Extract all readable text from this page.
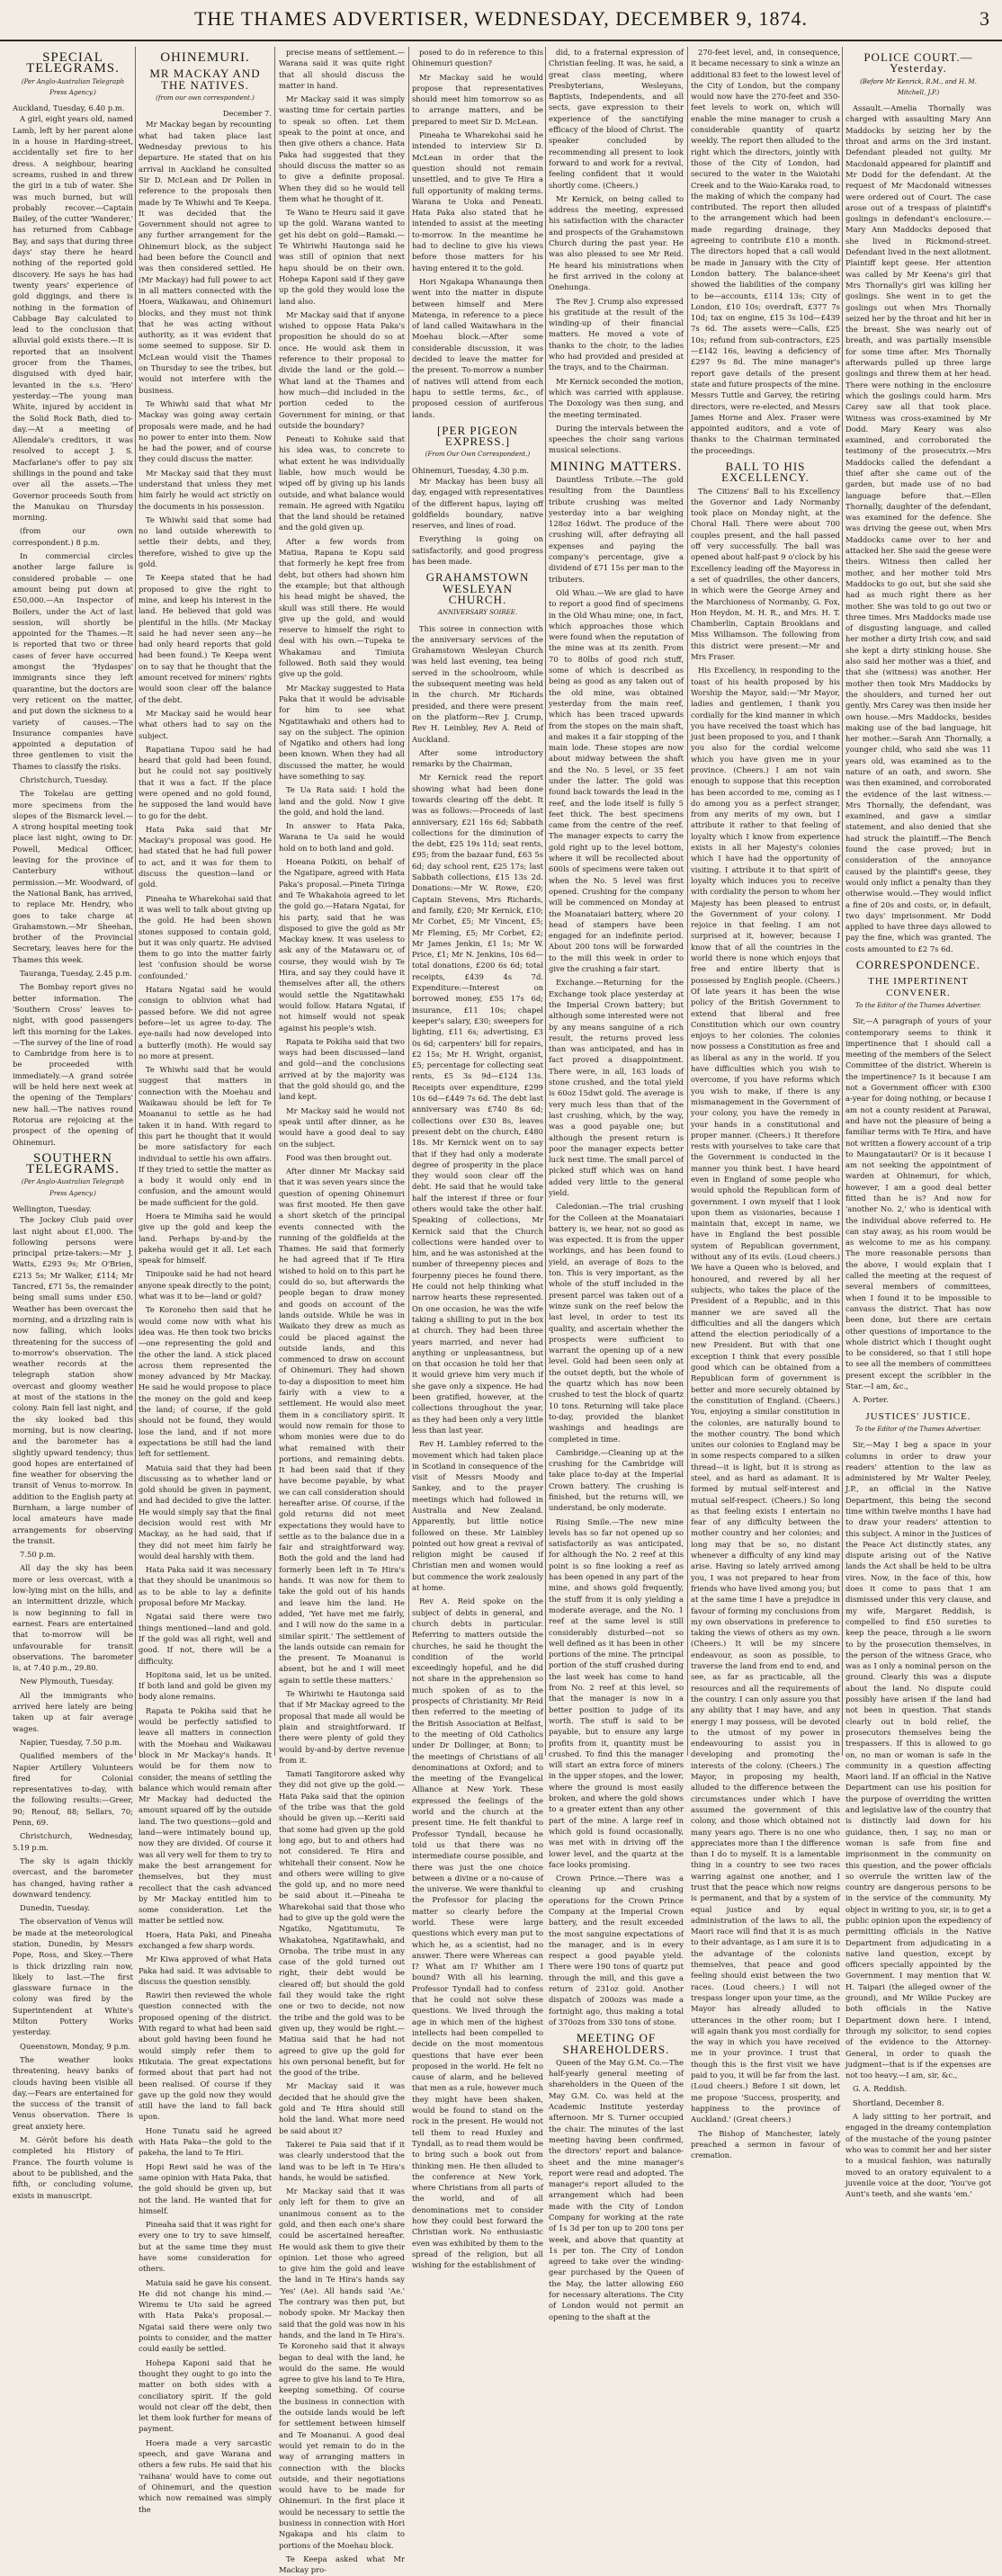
THE THAMES ADVERTISER, WEDNESDAY, DECEMBER 9, 1874.	3
SPECIAL TELEGRAMS.
(Per Anglo-Australian Telegraph Press Agency.)
Auckland, Tuesday, 6.40 p.m.

A girl, eight years old, named Lamb, left by her parent alone in a house in Harding-street, accidentally set fire to her dress. A neighbour, hearing screams, rushed in and threw the girl in a tub of water. She was much burned, but will probably recover.—Captain Bailey, of the cutter 'Wanderer,' has returned from Cabbage Bay, and says that during three days' stay there he heard nothing of the reported gold discovery. He says he has had twenty years' experience of gold diggings, and there is nothing in the formation of Cabbage Bay calculated to lead to the conclusion that alluvial gold exists there.—It is reported that an insolvent grocer from the Thames, disguised with dyed hair, levanted in the s.s. 'Hero' yesterday.—The young man White, injured by accident in the Solid Rock Bath, died to-day.—At a meeting of Allendale's creditors, it was resolved to accept J. S. Macfarlane's offer to pay six shillings in the pound and take over all the assets.—The Governor proceeds South from the Manukau on Thursday morning.

(from our own correspondent.) 8 p.m.

In commercial circles another large failure is considered probable — one amount being put down at £50,000.—An Inspector of Boilers, under the Act of last session, will shortly be appointed for the Thames.—It is reported that two or three cases of fever have occurred amongst the 'Hydaspes' immigrants since they left quarantine, but the doctors are very reticent on the matter, and put down the sickness to a variety of causes.—The Insurance companies have appointed a deputation of three gentlemen to visit the Thames to classify the risks.

Christchurch, Tuesday.

The Tokelau are getting more specimens from the slopes of the Bismarck level.—A strong hospital meeting took place last night, owing to Dr. Powell, Medical Officer, leaving for the province of Canterbury without permission.—Mr. Woodward, of the National Bank, has arrived, to replace Mr. Hendry, who goes to take charge at Grahamstown.—Mr Sheehan, brother of the Provincial Secretary, leaves here for the Thames this week.

Tauranga, Tuesday, 2.45 p.m.

The Bombay report gives no better information. The 'Southern Cross' leaves to-night, with good passengers left this morning for the Lakes.—The survey of the line of road to Cambridge from here is to be proceeded with immediately.—A grand soirée will be held here next week at the opening of the Templars' new hall.—The natives round Rotorua are rejoicing at the prospect of the opening of Ohinemuri.

SOUTHERN TELEGRAMS.
(Per Anglo-Australian Telegraph Press Agency.)
Wellington, Tuesday.

The Jockey Club paid over last night about £1,000. The following persons were principal prize-takers:—Mr J. Watts, £293 9s; Mr O'Brien, £213 5s; Mr Walker, £114; Mr Tancred, £71 5s, the remainder being small sums under £50. Weather has been overcast the morning, and a drizzling rain is now falling, which looks threatening for the success of to-morrow's observation. The weather records at the telegraph station show overcast and gloomy weather at most of the stations in the colony. Rain fell last night, and the sky looked bad this morning, but is now clearing, and the barometer has a slightly upward tendency; thus good hopes are entertained of fine weather for observing the transit of Venus to-morrow. In addition to the English party at Burnham, a large number of local amateurs have made arrangements for observing the transit.

7.50 p.m.

All day the sky has been more or less overcast, with a low-lying mist on the hills, and an intermittent drizzle, which is now beginning to fall in earnest. Fears are entertained that to-morrow will be unfavourable for transit observations. The barometer is, at 7.40 p.m., 29.80.

New Plymouth, Tuesday.

All the immigrants who arrived here lately are being taken up at fair average wages.

Napier, Tuesday, 7.50 p.m.

Qualified members of the Napier Artillery Volunteers fired for Colonial representatives to-day, with the following results:—Greer, 90; Renouf, 88; Sellars, 70; Penn, 69.

Christchurch, Wednesday, 5.19 p.m.

The sky is again thickly overcast, and the barometer has changed, having rather a downward tendency.

Dunedin, Tuesday.

The observation of Venus will be made at the meteorological station, Dunedin, by Messrs Pope, Ross, and Skey.—There is thick drizzling rain now, likely to last.—The first glassware furnace in the colony was fired by the Superintendent at White's Milton Pottery Works yesterday.

Queenstown, Monday, 9 p.m.

The weather looks threatening, heavy banks of clouds having been visible all day.—Fears are entertained for the success of the transit of Venus observation. There is great anxiety here.

M. Gérôt before his death completed his History of France. The fourth volume is about to be published, and the fifth, or concluding volume, exists in manuscript.

OHINEMURI.
MR MACKAY AND THE NATIVES.
(from our own correspondent.)
December 7.

Mr Mackay began by recounting what had taken place last Wednesday previous to his departure. He stated that on his arrival in Auckland he consulted Sir D. McLean and Dr Pollen in reference to the proposals then made by Te Whiwhi and Te Keepa. It was decided that the Government should not agree to any further arrangement for the Ohinemuri block, as the subject had been before the Council and was then considered settled. He (Mr Mackay) had full power to act in all matters connected with the Hoera, Waikawau, and Ohinemuri blocks, and they must not think that he was acting without authority, as it was evident that some seemed to suppose. Sir D. McLean would visit the Thames on Thursday to see the tribes, but would not interfere with the business.

Te Whiwhi said that what Mr Mackay was going away certain proposals were made, and he had no power to enter into them. Now he had the power, and of course they could discuss the matter.

Mr Mackay said that they must understand that unless they met him fairly he would act strictly on the documents in his possession.

Te Whiwhi said that some had no land outside wherewith to settle their debts, and they, therefore, wished to give up the gold.

Te Keepa stated that he had proposed to give the right to mine, and keep his interest in the land. He believed that gold was plentiful in the hills. (Mr Mackay said he had never seen any—he had only heard reports that gold had been found.) Te Keepa went on to say that he thought that the amount received for miners' rights would soon clear off the balance of the debt.

Mr Mackay said he would hear what others had to say on the subject.

Rapatiana Tupou said he had heard that gold had been found, but he could not say positively that it was a fact. If the place were opened and no gold found, he supposed the land would have to go for the debt.

Hata Paka said that Mr Mackay's proposal was good. He had stated that he had full power to act, and it was for them to discuss the question—land or gold.

Pineaha te Wharekohai said that it was well to talk about giving up the gold. He had been shown stones supposed to contain gold, but it was only quartz. He advised them to go into the matter fairly lest 'confusion should be worse confounded.'

Hatara Ngatai said he would consign to oblivion what had passed before. We did not agree before—let us agree to-day. The eye-nails had now developed into a butterfly (moth). He would say no more at present.

Te Whiwhi said that he would suggest that matters in connection with the Moehau and Waikawau should be left for Te Moananui to settle as he had taken it in hand. With regard to this part he thought that it would be more satisfactory for each individual to settle his own affairs. If they tried to settle the matter as a body it would only end in confusion, and the amount would be made sufficient for the gold.

Hoera te Mimiha said he would give up the gold and keep the land. Perhaps by-and-by the pakeha would get it all. Let each speak for himself.

Tinipouke said he had not heard anyone speak directly to the point; what was it to be—land or gold?

Te Koroneho then said that he would come now with what his idea was. He then took two bricks—one representing the gold and the other the land. A stick placed across them represented the money advanced by Mr Mackay. He said he would propose to place the money on the gold and keep the land; of course, if the gold should not be found, they would lose the land, and if not more expectations be still had the land left for settlement.

Matuia said that they had been discussing as to whether land or gold should be given in payment, and had decided to give the latter. He would simply say that the final decision would rest with Mr Mackay, as he had said, that if they did not meet him fairly he would deal harshly with them.

Hata Paka said it was necessary that they should be unanimous so as to be able to lay a definite proposal before Mr Mackay.

Ngatai said there were two things mentioned—land and gold. If the gold was all right, well and good. If not, there will be a difficulty.

Hopitona said, let us be united. If both land and gold be given my body alone remains.

Rapata te Pokiha said that he would be perfectly satisfied to leave all matters in connection with the Moehau and Waikawau block in Mr Mackay's hands. It would be for them now to consider, the means of settling the balance which would remain after Mr Mackay had deducted the amount squared off by the outside land. The two questions—gold and land—were intimately bound up, now they are divided. Of course it was all very well for them to try to make the best arrangement for themselves, but they must recollect that the cash advanced by Mr Mackay entitled him to some consideration. Let the matter be settled now.

Hoera, Hata Paki, and Pineaha exchanged a few sharp words.

Mr Kiwa approved of what Hata Paka had said. It was advisable to discuss the question sensibly.

Rawiri then reviewed the whole question connected with the proposed opening of the district. With regard to what had been said about gold having been found he would simply refer them to Hikutaia. The great expectations formed about that part had not been realised. Of course if they gave up the gold now they would still have the land to fall back upon.

Hone Tunatu said he agreed with Hata Paka—the gold to the pakeha, the land to Te Hiri.

Hopi Rewi said he was of the same opinion with Hata Paka, that the gold should be given up, but not the land. He wanted that for himself.

Pineaha said that it was right for every one to try to save himself, but at the same time they must have some consideration for others.

Matuia said he gave his consent. He did not change his mind.—Wiremu te Uto said he agreed with Hata Paka's proposal.—Ngatai said there were only two points to consider, and the matter could easily be settled.

Hohepa Kaponi said that he thought they ought to go into the matter on both sides with a conciliatory spirit. If the gold would not clear off the debt, then let them look further for means of payment.

Hoera made a very sarcastic speech, and gave Warana and others a few rubs. He said that his 'raihana' would have to come out of Ohinemuri, and the question which now remained was simply the

precise means of settlement.—Warana said it was quite right that all should discuss the matter in hand.

Mr Mackay said it was simply wasting time for certain parties to speak so often. Let them speak to the point at once, and then give others a chance. Hata Paka had suggested that they should discuss the matter so as to give a definite proposal. When they did so he would tell them what he thought of it.

Te Wano te Heuru said it gave up the gold. Warana wanted to get his debt on gold—Ramaki.—Te Whiriwhi Hautonga said he was still of opinion that next hapu should be on their own. Hohepa Kaponi said if they gave up the gold they would lose the land also.

Mr Mackay said that if anyone wished to oppose Hata Paka's proposition he should do so at once. He would ask them in reference to their proposal to divide the land or the gold.—What land at the Thames and how much—did included in the portion ceded to the Government for mining, or that outside the boundary?

Peneati to Kohuke said that his idea was, to concrete to what extent he was individually liable, how much would be wiped off by giving up his lands outside, and what balance would remain. He agreed with Ngatiku that the land should be retained and the gold given up.

After a few words from Matiua, Rapana te Kopu said that formerly he kept free from debt, but others had shown him the example; but that although his head might be shaved, the skull was still there. He would give up the gold, and would reserve to himself the right to deal with his own.—Tupeka te Whakamau and Timiuta followed. Both said they would give up the gold.

Mr Mackay suggested to Hata Paka that it would be advisable for him to see what Ngatitawhaki and others had to say on the subject. The opinion of Ngatiko and others had long been known. When they had all discussed the matter, he would have something to say.

Te Ua Rata said: I hold the land and the gold. Now I give the gold, and hold the land.

In answer to Hata Paka, Warana te Ua said he would hold on to both land and gold.

Hoeana Poikiti, on behalf of the Ngatipare, agreed with Hata Paka's proposal.—Pineta Tiringa and Te Whakahoia agreed to let the gold go.—Hatara Ngatai, for his party, said that he was disposed to give the gold as Mr Mackay knew. It was useless to ask any of the Matawaru or, of course, they would wish by Te Hira, and say they could have it themselves after all, the others would settle the Ngatitawhaki would follow. Hatara Ngatai, if not himself would not speak against his people's wish.

Rapata te Pokiha said that two ways had been discussed—land and gold—and the conclusions arrived at by the majority was that the gold should go, and the land kept.

Mr Mackay said he would not speak until after dinner, as he would have a good deal to say on the subject.

Food was then brought out.

After dinner Mr Mackay said that it was seven years since the question of opening Ohinemuri was first mooted. He then gave a short sketch of the principal events connected with the running of the goldfields at the Thames. He said that formerly he had agreed that if Te Hira wished to hold on to this part he could do so, but afterwards the people began to draw money and goods on account of the lands outside. While he was in Waikato they drew as much as could be placed against the outside lands, and this commenced to draw on account of Ohinemuri. They had shown to-day a disposition to meet him fairly with a view to a settlement. He would also meet them in a conciliatory spirit. It would now remain for those to whom monies were due to do what remained with their portions, and remaining debts. It had been said that if they have become payable, by what we can call consideration should hereafter arise. Of course, if the gold returns did not meet expectations they would have to settle as to the balance due in a fair and straightforward way. Both the gold and the land had formerly been left in Te Hira's hands. It was now for them to take the gold out of his hands and leave him the land. He added, 'Yet have met me fairly, and I will now do the same in a similar spirit.' The settlement of the lands outside can remain for the present. Te Moananui is absent, but he and I will meet again to settle these matters.'

Te Whiriwhi te Hautonga said that if Mr Mackay agreed to the proposal that made all would be plain and straightforward. If there were plenty of gold they would by-and-by derive revenue from it.

Tamati Tangitorore asked why they did not give up the gold.—Hata Paka said that the opinion of the tribe was that the gold should be given up.—Keriti said that some had given up the gold long ago, but to and others had not considered. Te Hira and whitehall their consent. Now he and others were willing to give the gold up, and no more need be said about it.—Pineaha te Wharekohai said that those who had to give up the gold were the Ngatiko, Ngatitumutu, Te Whakatohea, Ngatitawhaki, and Ornoba. The tribe must in any case of the gold turned out right, their debt would be cleared off; but should the gold fail they would take the right one or two to decide, not now the tribe and the gold was to be given up, they would be right.—Matiua said that he had not agreed to give up the gold for his own personal benefit, but for the good of the tribe.

Mr Mackay said it was decided that he should give the gold and Te Hira should still hold the land. What more need be said about it?

Takerei te Paia said that if it was clearly understood that the land was to be left in Te Hira's hands, he would be satisfied.

Mr Mackay said that it was only left for them to give an unanimous consent as to the gold, and then each one's share could be ascertained hereafter. He would ask them to give their opinion. Let those who agreed to give him the gold and leave the land in Te Hira's hands say 'Yes' (Ae). All hands said 'Ae.' The contrary was then put, but nobody spoke. Mr Mackay then said that the gold was now in his hands, and the land in Te Hira's. Te Koroneho said that it always began to deal with the land, he would do the same. He would agree to give his land to Te Hira, keeping something. Of course the business in connection with the outside lands would be left for settlement between himself and Te Moananui. A good deal would yet remain to do in the way of arranging matters in connection with the blocks outside, and their negotiations would have to be made for Ohinemuri. In the first place it would be necessary to settle the business in connection with Hori Ngakapa and his claim to portions of the Moehau block.

Te Keepa asked what Mr Mackay pro-

posed to do in reference to this Ohinemuri question?

Mr Mackay said he would propose that representatives should meet him tomorrow so as to arrange matters, and be prepared to meet Sir D. McLean.

Pineaha te Wharekohai said he intended to interview Sir D. McLean in order that the question should not remain unsettled, and to give Te Hira a full opportunity of making terms. Warana te Uoka and Peneati. Hata Paka also stated that he intended to assist at the meeting to-morrow. In the meantime he had to decline to give his views before those matters for his having entered it to the gold.

Hori Ngakapa Whanaunga then went into the matter in dispute between himself and Mere Matenga, in reference to a piece of land called Waitawhara in the Moehau block.—After some considerable discussion, it was decided to leave the matter for the present. To-morrow a number of natives will attend from each hapu to settle terms, &c., of proposed cession of auriferous lands.

[PER PIGEON EXPRESS.]
(From Our Own Correspondent.)
Ohinemuri, Tuesday, 4.30 p.m.

Mr Mackay has been busy all day, engaged with representatives of the different hapus, laying off goldfields boundary, native reserves, and lines of road.

Everything is going on satisfactorily, and good progress has been made.

GRAHAMSTOWN WESLEYAN CHURCH.
ANNIVERSARY SOIREE.

This soiree in connection with the anniversary services of the Grahamstown Wesleyan Church was held last evening, tea being served in the schoolroom, while the subsequent meeting was held in the church. Mr Richards presided, and there were present on the platform—Rev J. Crump, Rev H. Leinbley, Rev A. Reid of Auckland.

After some introductory remarks by the Chairman,

Mr Kernick read the report showing what had been done towards clearing off the debt. It was as follows:—Proceeds of last anniversary, £21 16s 6d; Sabbath collections for the diminution of the debt, £25 19s 11d; seat rents, £95; from the bazaar fund, £63 5s 6d; day school rent, £25 17s; last Sabbath collections, £15 13s 2d. Donations:—Mr W. Rowe, £20; Captain Stevens, Mrs Richards, and family, £20; Mr Kernick, £10; Mr Corbet, £5; Mr Vincent, £5; Mr Fleming, £5; Mr Corbet, £2; Mr James Jenkin, £1 1s; Mr W. Price, £1; Mr N. Jenkins, 10s 6d—total donations, £200 6s 6d; total receipts, £439 4s 7d. Expenditure:—Interest on borrowed money, £55 17s 6d; insurance, £11 10s; chapel keeper's salary, £30; sweepers for lighting, £11 6s; advertising, £3 0s 6d; carpenters' bill for repairs, £2 15s; Mr H. Wright, organist, £5; percentage for collecting seat rents, £5 3s 9d—£124 13s. Receipts over expenditure, £299 10s 6d—£449 7s 6d. The debt last anniversary was £740 8s 6d; collections over £30 8s, leaves present debt on the church, £480 18s. Mr Kernick went on to say that if they had only a moderate degree of prosperity in the place they would soon clear off the debt. He said that he would take half the interest if three or four others would take the other half. Speaking of collections, Mr Kernick said that the Church collections were handed over to him, and he was astonished at the number of threepenny pieces and fourpenny pieces he found there. He could not help thinking what narrow hearts these represented. On one occasion, he was the wife taking a shilling to put in the box at church. They had been three years married, and never had anything or unpleasantness, but on that occasion he told her that it would grieve him very much if she gave only a sixpence. He had been gratified, however, at the collections throughout the year, as they had been only a very little less than last year.

Rev H. Lambley referred to the movement which had taken place in Scotland in consequence of the visit of Messrs Moody and Sankey, and to the prayer meetings which had followed in Australia and New Zealand. Apparently, but little notice followed on these. Mr Lainbley pointed out how great a revival of religion might be caused if Christian men and women would but commence the work zealously at home.

Rev A. Reid spoke on the subject of debts in general, and church debts in particular. Referring to matters outside the churches, he said he thought the condition of the world exceedingly hopeful, and he did not share in the apprehension so much spoken of as to the prospects of Christianity. Mr Reid then referred to the meeting of the British Association at Belfast, to the meeting of Old Catholics under Dr Dollinger, at Bonn; to the meetings of Christians of all denominations at Oxford; and to the meeting of the Evangelical Alliance at New York. These expressed the feelings of the world and the church at the present time. He felt thankful to Professor Tyndall, because he told us that there was no intermediate course possible, and there was just the one choice between a divine or a no-cause of the universe. We were thankful to the Professor for placing the matter so clearly before the world. These were large questions which every man put to which he, as a scientist, had no answer. There were Whereas can I? What am I? Whither am I bound? With all his learning, Professor Tyndall had to confess that he could not solve these questions. We lived through the age in which men of the highest intellects had been compelled to decide on the most momentous questions that have ever been proposed in the world. He felt no cause of alarm, and he believed that men as a rule, however much they might have been shaken, would be found to stand on the rock in the present. He would not tell them to read Huxley and Tyndall, as to read them would be to bring such a book out from thinking men. He then alluded to the conference at New York, where Christians from all parts of the world, and of all denominations met to consider how they could best forward the Christian work. No enthusiastic even was exhibited by them to the spread of the religion, but all wishing for the establishment of

did, to a fraternal expression of Christian feeling. It was, he said, a great class meeting, where Presbyterians, Wesleyans, Baptists, Independents, and all sects, gave expression to their experience of the sanctifying efficacy of the blood of Christ. The speaker concluded by recommending all present to look forward to and work for a revival, feeling confident that it would shortly come. (Cheers.)

Mr Kernick, on being called to address the meeting, expressed his satisfaction with the character and prospects of the Grahamstown Church during the past year. He was also pleased to see Mr Reid. He heard his ministrations when he first arrived in the colony at Onehunga.

The Rev J. Crump also expressed his gratitude at the result of the winding-up of their financial matters. He moved a vote of thanks to the choir, to the ladies who had provided and presided at the trays, and to the Chairman.

Mr Kernick seconded the motion, which was carried with applause. The Doxology was then sung, and the meeting terminated.

During the intervals between the speeches the choir sang various musical selections.

MINING MATTERS.

Dauntless Tribute.—The gold resulting from the Dauntless tribute crushing was melted yesterday into a bar weighing 128oz 16dwt. The produce of the crushing will, after defraying all expenses and paying the company's percentage, give a dividend of £71 15s per man to the tributers.

Old Whau.—We are glad to have to report a good find of specimens in the Old Whau mine; one, in fact, which approaches those which were found when the reputation of the mine was at its zenith. From 70 to 80lbs of good rich stuff, some of which is described as being as good as any taken out of the old mine, was obtained yesterday from the main reef, which has been traced upwards from the stopes on the main shaft, and makes it a fair stopping of the main lode. These stopes are now about midway between the shaft and the No. 5 level, or 35 feet under the latter. The gold was found back towards the lead in the reef, and the lode itself is fully 5 feet thick. The best specimens came from the centre of the reef. The manager expects to carry the gold right up to the level bottom, where it will be recollected about 600ls of specimens were taken out when the No. 5 level was first opened. Crushing for the company will be commenced on Monday at the Moanataiari battery, where 20 head of stampers have been engaged for an indefinite period. About 200 tons will be forwarded to the mill this week in order to give the crushing a fair start.

Exchange.—Returning for the Exchange took place yesterday at the Imperial Crown battery; but although some interested were not by any means sanguine of a rich result, the returns proved less than was anticipated, and has in fact proved a disappointment. There were, in all, 163 loads of stone crushed, and the total yield is 60oz 15dwt gold. The average is very much less than that of the last crushing, which, by the way, was a good payable one; but although the present return is poor the manager expects better luck next time. The small parcel of picked stuff which was on hand added very little to the general yield.

Caledonian.—The trial crushing for the Colleen at the Moanataiari battery is, we hear, not so good as was expected. It is from the upper workings, and has been found to yield, an average of 8ozs to the ton. This is very important, as the whole of the stuff included in the present parcel was taken out of a winze sunk on the reef below the last level, in order to test its quality, and ascertain whether the prospects were sufficient to warrant the opening up of a new level. Gold had been seen only at the outset depth, but the whole of the quartz which has now been crushed to test the block of quartz 10 tons. Returning will take place to-day, provided the blanket washings and headings are completed in time.

Cambridge.—Cleaning up at the crushing for the Cambridge will take place to-day at the Imperial Crown battery. The crushing is finished, but the returns will, we understand, be only moderate.

Rising Smile.—The new mine levels has so far not opened up so satisfactorily as was anticipated, for although the No. 2 reef at this point is so fine looking a reef as has been opened in any part of the mine, and shows gold frequently, the stuff from it is only yielding a moderate average, and the No. 1 reef at the same level is still considerably disturbed—not so well defined as it has been in other portions of the mine. The principal portion of the stuff crushed during the last week has come to hand from No. 2 reef at this level, so that the manager is now in a better position to judge of its worth. The stuff is said to be payable, but to ensure any large profits from it, quantity must be crushed. To find this the manager will start an extra force of miners in the upper stopes, and the lower, where the ground is most easily broken, and where the gold shows to a greater extent than any other part of the mine. A large reef in which gold is found occasionally, was met with in driving off the lower level, and the quartz at the face looks promising.

Crown Prince.—There was a cleaning up and crushing operations for the Crown Prince Company at the Imperial Crown battery, and the result exceeded the most sanguine expectations of the manager, and is in every respect a good payable yield. There were 190 tons of quartz put through the mill, and this gave a return of 231oz gold. Another dispatch of 200ozs was made a fortnight ago, thus making a total of 370ozs from 330 tons of stone.

MEETING OF SHAREHOLDERS.

Queen of the May G.M. Co.—The half-yearly general meeting of shareholders in the Queen of the May G.M. Co. was held at the Academic Institute yesterday afternoon. Mr S. Turner occupied the chair. The minutes of the last meeting having been confirmed, the directors' report and balance-sheet and the mine manager's report were read and adopted. The manager's report alluded to the arrangement which had been made with the City of London Company for working at the rate of 1s 3d per ton up to 200 tons per week, and above that quantity at 1s per ton. The City of London agreed to take over the winding-gear purchased by the Queen of the May, the latter allowing £60 for necessary alterations. The City of London would not permit an opening to the shaft at the

270-feet level, and, in consequence, it became necessary to sink a winze an additional 83 feet to the lowest level of the City of London, but the company would now have the 270-feet and 350-feet levels to work on, which will enable the mine manager to crush a considerable quantity of quartz weekly. The report then alluded to the right which the directors, jointly with those of the City of London, had secured to the water in the Waiotahi Creek and to the Waio-Karaka road, to the making of which the company had contributed. The report then alluded to the arrangement which had been made regarding drainage, they agreeing to contribute £10 a month. The directors hoped that a call would be made in January with the City of London battery. The balance-sheet showed the liabilities of the company to be—accounts, £114 13s; City of London, £10 10s; overdraft, £377 7s 10d; tax on engine, £15 3s 10d—£439 7s 6d. The assets were—Calls, £25 10s; refund from sub-contractors, £25—£142 16s, leaving a deficiency of £297 9s 8d. The mine manager's report gave details of the present state and future prospects of the mine. Messrs Tuttle and Garvey, the retiring directors, were re-elected, and Messrs James Horne and Alex. Fraser were appointed auditors, and a vote of thanks to the Chairman terminated the proceedings.

BALL TO HIS EXCELLENCY.

The Citizens' Ball to his Excellency the Governor and Lady Normanby took place on Monday night, at the Choral Hall. There were about 700 couples present, and the hall passed off very successfully. The ball was opened about half-past 9 o'clock by his Excellency leading off the Mayoress in a set of quadrilles, the other dancers, in which were the George Arney and the Marchioness of Normanby, G. Fox, Hon Heydon, M. H. R., and Mrs. H. T. Chamberlin, Captain Brooklans and Miss Williamson. The following from this district were present:—Mr and Mrs Fraser.

His Excellency, in responding to the toast of his health proposed by his Worship the Mayor, said:—'Mr Mayor, ladies and gentlemen, I thank you cordially for the kind manner in which you have received the toast which has just been proposed to you, and I thank you also for the cordial welcome which you have given me in your province. (Cheers.) I am not vain enough to suppose that this reception has been accorded to me, coming as I do among you as a perfect stranger, from any merits of my own, but I attribute it rather to that feeling of loyalty which I know from experience exists in all her Majesty's colonies which I have had the opportunity of visiting. I attribute it to that spirit of loyalty which induces you to receive with cordiality the person to whom her Majesty has been pleased to entrust the Government of your colony. I rejoice in that feeling. I am not surprised at it, however, because I know that of all the countries in the world there is none which enjoys that free and entire liberty that is possessed by English people. (Cheers.) Of late years it has been the wise policy of the British Government to extend that liberal and free Constitution which our own country enjoys to her colonies. The colonies now possess a Constitution as free and as liberal as any in the world. If you have difficulties which you wish to overcome, if you have reforms which you wish to make, if there is any mismanagement in the Government of your colony, you have the remedy in your hands in a constitutional and proper manner. (Cheers.) It therefore rests with yourselves to take care that the Government is conducted in the manner you think best. I have heard even in England of some people who would uphold the Republican form of government. I own myself that I look upon them as visionaries, because I maintain that, except in name, we have in England the best possible system of Republican government, without any of its evils. (Loud cheers.) We have a Queen who is beloved, and honoured, and revered by all her subjects, who takes the place of the President of a Republic, and in this manner we are saved all the difficulties and all the dangers which attend the election periodically of a new President. But with that one exception I think that every possible good which can be obtained from a Republican form of government is better and more securely obtained by the constitution of England. (Cheers.) You, enjoying a similar constitution in the colonies, are naturally bound to the mother country. The bond which unites our colonies to England may be in some respects compared to a silken thread—it is light, but it is strong as steel, and as hard as adamant. It is formed by mutual self-interest and mutual self-respect. (Cheers.) So long as that feeling exists I entertain no fear of any difficulty between the mother country and her colonies; and long may that be so, no distant whenever a difficulty of any kind may arise. Having so lately arrived among you, I was not prepared to hear from friends who have lived among you; but at the same time I have a prejudice in favour of forming my conclusions from my own observations in preference to taking the views of others as my own. (Cheers.) It will be my sincere endeavour, as soon as possible, to traverse the land from end to end, and see, as far as practicable, all the resources and all the requirements of the country. I can only assure you that any ability that I may have, and any energy I may possess, will be devoted to the utmost of my power in endeavouring to assist you in developing and promoting the interests of the colony. (Cheers.) The Mayor, in proposing my health, alluded to the difference between the circumstances under which I have assumed the government of this colony, and those which obtained not many years ago. There is no one who appreciates more than I the difference than I do to myself. It is a lamentable thing in a country to see two races warring against one another, and I trust that the peace which now reigns is permanent, and that by a system of equal justice and by equal administration of the laws to all, the Maori race will find that it is as much to their advantage, as I am sure it is to the advantage of the colonists themselves, that peace and good feeling should exist between the two races. (Loud cheers.) I will not trespass longer upon your time, as the Mayor has already alluded to utterances in the other room; but I will again thank you most cordially for the way in which you have received me in your province. I trust that though this is the first visit we have paid to you, it will be far from the last. (Loud cheers.) Before I sit down, let me propose 'Success, prosperity, and happiness to the province of Auckland.' (Great cheers.)

The Bishop of Manchester, lately preached a sermon in favour of cremation.

POLICE COURT.—Yesterday.
(Before Mr Kenrick, R.M., and H. M. Mitchell, J.P.)

Assault.—Amelia Thornally was charged with assaulting Mary Ann Maddocks by seizing her by the throat and arms on the 3rd instant. Defendant pleaded not guilty. Mr Macdonald appeared for plaintiff and Mr Dodd for the defendant. At the request of Mr Macdonald witnesses were ordered out of Court. The case arose out of a trespass of plaintiff's goslings in defendant's enclosure.—Mary Ann Maddocks deposed that she lived in Rickmond-street. Defendant lived in the next allotment. Plaintiff kept geese. Her attention was called by Mr Keena's girl that Mrs Thornally's girl was killing her goslings. She went in to get the goslings out when Mrs Thornally seized her by the throat and hit her in the breast. She was nearly out of breath, and was partially insensible for some time after. Mrs Thornally afterwards pulled up three large goslings and threw them at her head. There were nothing in the enclosure which the goslings could harm. Mrs Carey saw all that took place. Witness was cross-examined by Mr Dodd. Mary Keary was also examined, and corroborated the testimony of the prosecutrix.—Mrs Maddocks called the defendant a thief after she came out of the garden, but made use of no bad language before that.—Ellen Thornally, daughter of the defendant, was examined for the defence. She was driving the geese out, when Mrs Maddocks came over to her and attacked her. She said the geese were theirs. Witness then called her mother, and her mother told Mrs Maddocks to go out, but she said she had as much right there as her mother. She was told to go out two or three times. Mrs Maddocks made use of disgusting language, and called her mother a dirty Irish cow, and said she kept a dirty stinking house. She also said her mother was a thief, and that she (witness) was another. Her mother then took Mrs Maddocks by the shoulders, and turned her out gently. Mrs Carey was then inside her own house.—Mrs Maddocks, besides making use of the bad language, hit her mother.—Sarah Ann Thornally, a younger child, who said she was 11 years old, was examined as to the nature of an oath, and sworn. She was then examined, and corroborated the evidence of the last witness.—Mrs Thornally, the defendant, was examined, and gave a similar statement, and also denied that she had struck the plaintiff.—The Bench found the case proved; but in consideration of the annoyance caused by the plaintiff's geese, they would only inflict a penalty than they otherwise would.—They would inflict a fine of 20s and costs, or, in default, two days' imprisonment. Mr Dodd applied to have three days allowed to pay the fine, which was granted. The costs amounted to £2 7s 6d.

CORRESPONDENCE.
THE IMPERTINENT CONVENER.
To the Editor of the Thames Advertiser.

Sir,—A paragraph of yours of your contemporary seems to think it impertinence that I should call a meeting of the members of the Select Committee of the district. Wherein is the impertinence? Is it because I am not a Government officer with £300 a-year for doing nothing, or because I am not a county resident at Parawai, and have not the pleasure of being a familiar terms with Te Hira, and have not written a flowery account of a trip to Maungatautari? Or is it because I am not seeking the appointment of warden at Ohinemuri, for which, however, I am a good deal better fitted than he is? And now for 'another No. 2,' who is identical with the individual above referred to. He can stay away, as his room would be as welcome to me as his company. The more reasonable persons than the above, I would explain that I called the meeting at the request of several members of committees, when I found it to be impossible to canvass the district. That has now been done, but there are certain other questions of importance to the whole district which I thought ought to be considered, so that I still hope to see all the members of committees present except the scribbler in the Star.—I am, &c.,

A. Porter.

JUSTICES' JUSTICE.
To the Editor of the Thames Advertiser.

Sir,—May I beg a space in your columns in order to draw your readers' attention to the law as administered by Mr Walter Peeley, J.P., an official in the Native Department, this being the second time within twelve months I have had to draw your readers' attention to this subject. A minor in the Justices of the Peace Act distinctly states, any dispute arising out of the Native lands the Act shall be held to be ultra vires. Now, in the face of this, how does it come to pass that I am dismissed under this very clause, and my wife, Margaret Reddish, is compelled to find £50 sureties to keep the peace, through a lie sworn to by the prosecution themselves, in the person of the witness Grace, who was as I only a nominal person on the ground. Clearly this was a dispute about the land. No dispute could possibly have arisen if the land had not been in question. That stands clearly out in bold relief, the prosecutors themselves being the trespassers. If this is allowed to go on, no man or woman is safe in the community in a question affecting Maori land. If an official in the Native Department can use his position for the purpose of overriding the written and legislative law of the country that is distinctly laid down for his guidance, then, I say, no man or woman is safe from fine and imprisonment in the community on this question, and the power officials so overrule the written law of the country are dangerous persons to be in the service of the community. My object in writing to you, sir, is to get a public opinion upon the expediency of permitting officials in the Native Department from adjudicating in a native land question, except by officers specially appointed by the Government. I may mention that W. H. Taipari (the alleged owner of the ground), and Mr Wilkie Puckey are both officials in the Native Department down here. I intend, through my solicitor, to send copies of the evidence to the Attorney-General, in order to quash the judgment—that is if the expenses are not too heavy.—I am, sir, &c.,

G. A. Reddish.

Shortland, December 8.

A lady sitting to her portrait, and engaged in the dreamy contemplation of the mustache of the young painter who was to commit her and her sister to a musical fashion, was naturally moved to an oratory equivalent to a juvenile voice at the door, 'You've got Aunt's teeth, and she wants 'em.'
